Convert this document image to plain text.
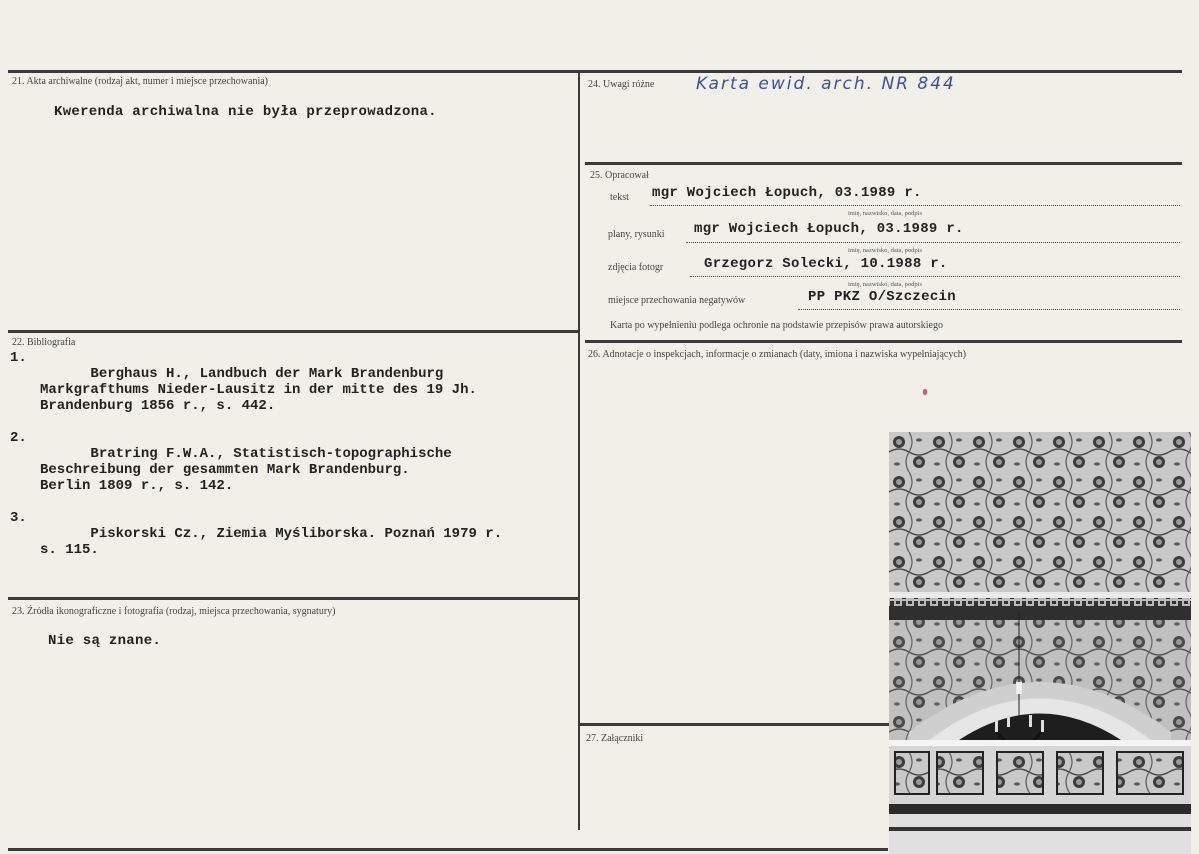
21. Akta archiwalne (rodzaj akt, numer i miejsce przechowania)
Kwerenda archiwalna nie była przeprowadzona.
22. Bibliografia

1.
Berghaus H., Landbuch der Mark Brandenburg
Markgrafthums Nieder-Lausitz in der mitte des 19 Jh.
Brandenburg 1856 r., s. 442.

2.
Bratring F.W.A., Statistisch-topographische
Beschreibung der gesammten Mark Brandenburg.
Berlin 1809 r., s. 142.

3.
Piskorski Cz., Ziemia Myśliborska. Poznań 1979 r.
s. 115.

23. Źródła ikonograficzne i fotografia (rodzaj, miejsca przechowania, sygnatury)
Nie są znane.
24. Uwagi różne Karta ewid. arch. NR 844
25. Opracował
tekst mgr Wojciech Łopuch, 03.1989 r.
imię, nazwisko, data, podpis
plany, rysunki mgr Wojciech Łopuch, 03.1989 r.
imię, nazwisko, data, podpis
zdjęcia fotogr	Grzegorz Solecki, 10.1988 r.
imię, nazwisko, data, podpis
miejsce przechowania negatywów	PP PKZ O/Szczecin
Karta po wypełnieniu podlega ochronie na podstawie przepisów prawa autorskiego
26. Adnotacje o inspekcjach, informacje o zmianach (daty, imiona i nazwiska wypełniających)
27. Załączniki
